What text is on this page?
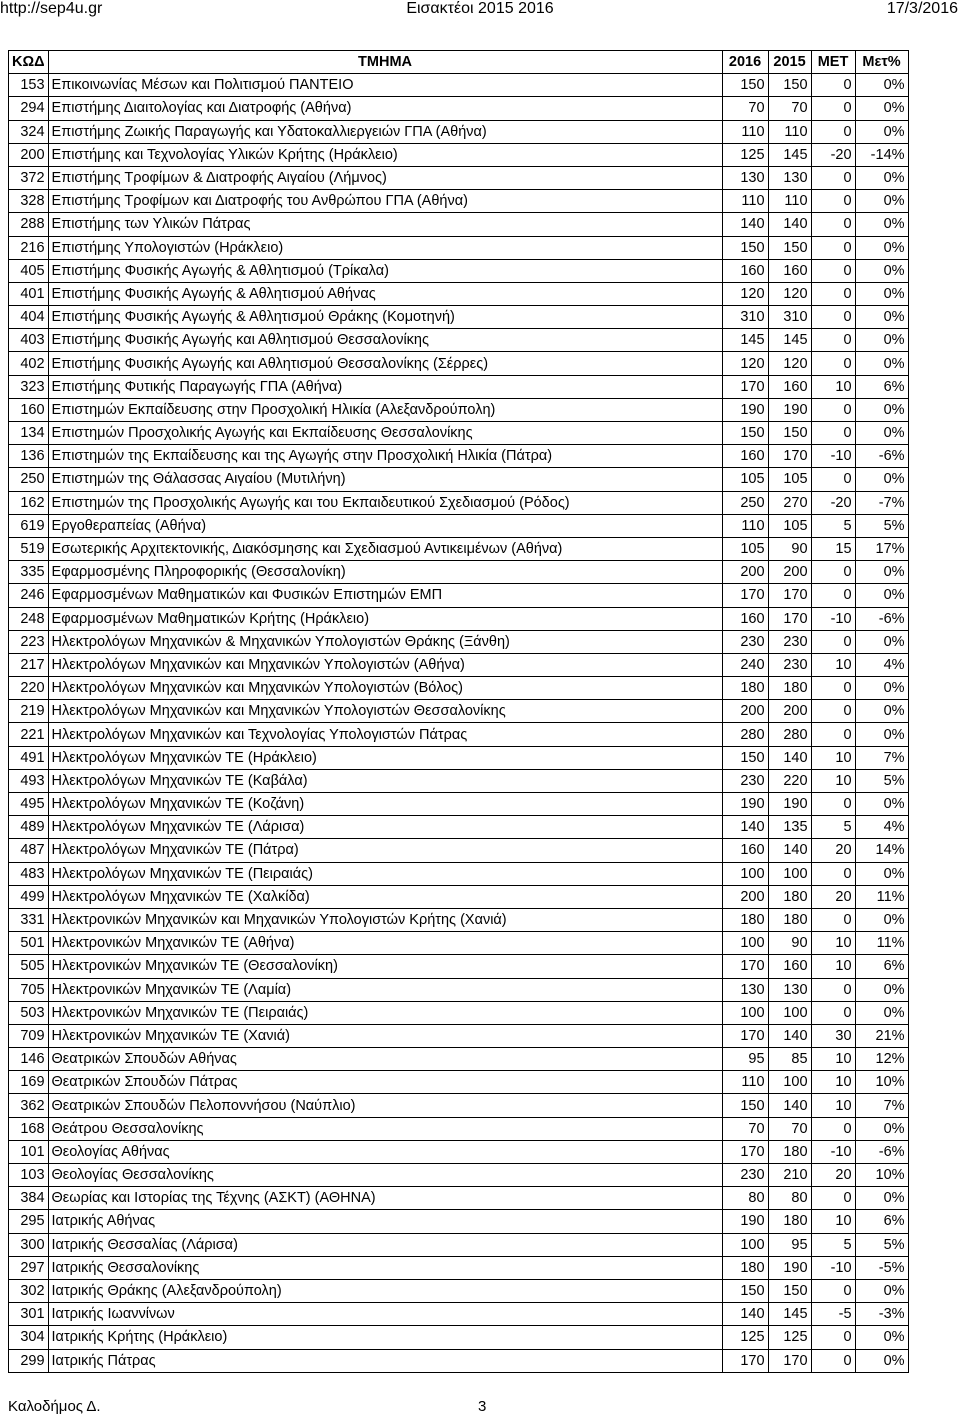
http://sep4u.gr	Εισακτέοι 2015 2016	17/3/2016
ΚΩΔ	ΤΜΗΜΑ	2016	2015	ΜΕΤ	Μετ%
153	Επικοινωνίας Μέσων και Πολιτισμού ΠΑΝΤΕΙΟ	150	150	0	0%
294	Επιστήμης Διαιτολογίας και Διατροφής (Αθήνα)	70	70	0	0%
324	Επιστήμης Ζωικής Παραγωγής και Υδατοκαλλιεργειών ΓΠΑ (Αθήνα)	110	110	0	0%
200	Επιστήμης και Τεχνολογίας Υλικών Κρήτης (Ηράκλειο)	125	145	-20	-14%
372	Επιστήμης Τροφίμων & Διατροφής Αιγαίου (Λήμνος)	130	130	0	0%
328	Επιστήμης Τροφίμων και Διατροφής του Ανθρώπου ΓΠΑ (Αθήνα)	110	110	0	0%
288	Επιστήμης των Υλικών Πάτρας	140	140	0	0%
216	Επιστήμης Υπολογιστών (Ηράκλειο)	150	150	0	0%
405	Επιστήμης Φυσικής Αγωγής & Αθλητισμού (Τρίκαλα)	160	160	0	0%
401	Επιστήμης Φυσικής Αγωγής & Αθλητισμού Αθήνας	120	120	0	0%
404	Επιστήμης Φυσικής Αγωγής & Αθλητισμού Θράκης (Κομοτηνή)	310	310	0	0%
403	Επιστήμης Φυσικής Αγωγής και Αθλητισμού Θεσσαλονίκης	145	145	0	0%
402	Επιστήμης Φυσικής Αγωγής και Αθλητισμού Θεσσαλονίκης (Σέρρες)	120	120	0	0%
323	Επιστήμης Φυτικής Παραγωγής ΓΠΑ (Αθήνα)	170	160	10	6%
160	Επιστημών Εκπαίδευσης στην Προσχολική Ηλικία (Αλεξανδρούπολη)	190	190	0	0%
134	Επιστημών Προσχολικής Αγωγής και Εκπαίδευσης Θεσσαλονίκης	150	150	0	0%
136	Επιστημών της Εκπαίδευσης και της Αγωγής στην Προσχολική Ηλικία (Πάτρα)	160	170	-10	-6%
250	Επιστημών της Θάλασσας Αιγαίου (Μυτιλήνη)	105	105	0	0%
162	Επιστημών της Προσχολικής Αγωγής και του Εκπαιδευτικού Σχεδιασμού (Ρόδος)	250	270	-20	-7%
619	Εργοθεραπείας (Αθήνα)	110	105	5	5%
519	Εσωτερικής Αρχιτεκτονικής, Διακόσμησης και Σχεδιασμού Αντικειμένων (Αθήνα)	105	90	15	17%
335	Εφαρμοσμένης Πληροφορικής (Θεσσαλονίκη)	200	200	0	0%
246	Εφαρμοσμένων Μαθηματικών και Φυσικών Επιστημών ΕΜΠ	170	170	0	0%
248	Εφαρμοσμένων Μαθηματικών Κρήτης (Ηράκλειο)	160	170	-10	-6%
223	Ηλεκτρολόγων Μηχανικών & Μηχανικών Υπολογιστών Θράκης (Ξάνθη)	230	230	0	0%
217	Ηλεκτρολόγων Μηχανικών και Μηχανικών Υπολογιστών (Αθήνα)	240	230	10	4%
220	Ηλεκτρολόγων Μηχανικών και Μηχανικών Υπολογιστών (Βόλος)	180	180	0	0%
219	Ηλεκτρολόγων Μηχανικών και Μηχανικών Υπολογιστών Θεσσαλονίκης	200	200	0	0%
221	Ηλεκτρολόγων Μηχανικών και Τεχνολογίας Υπολογιστών Πάτρας	280	280	0	0%
491	Ηλεκτρολόγων Μηχανικών ΤΕ (Ηράκλειο)	150	140	10	7%
493	Ηλεκτρολόγων Μηχανικών ΤΕ (Καβάλα)	230	220	10	5%
495	Ηλεκτρολόγων Μηχανικών ΤΕ (Κοζάνη)	190	190	0	0%
489	Ηλεκτρολόγων Μηχανικών ΤΕ (Λάρισα)	140	135	5	4%
487	Ηλεκτρολόγων Μηχανικών ΤΕ (Πάτρα)	160	140	20	14%
483	Ηλεκτρολόγων Μηχανικών ΤΕ (Πειραιάς)	100	100	0	0%
499	Ηλεκτρολόγων Μηχανικών ΤΕ (Χαλκίδα)	200	180	20	11%
331	Ηλεκτρονικών Μηχανικών και Μηχανικών Υπολογιστών Κρήτης (Χανιά)	180	180	0	0%
501	Ηλεκτρονικών Μηχανικών ΤΕ (Αθήνα)	100	90	10	11%
505	Ηλεκτρονικών Μηχανικών ΤΕ (Θεσσαλονίκη)	170	160	10	6%
705	Ηλεκτρονικών Μηχανικών ΤΕ (Λαμία)	130	130	0	0%
503	Ηλεκτρονικών Μηχανικών ΤΕ (Πειραιάς)	100	100	0	0%
709	Ηλεκτρονικών Μηχανικών ΤΕ (Χανιά)	170	140	30	21%
146	Θεατρικών Σπουδών Αθήνας	95	85	10	12%
169	Θεατρικών Σπουδών Πάτρας	110	100	10	10%
362	Θεατρικών Σπουδών Πελοποννήσου (Ναύπλιο)	150	140	10	7%
168	Θεάτρου Θεσσαλονίκης	70	70	0	0%
101	Θεολογίας Αθήνας	170	180	-10	-6%
103	Θεολογίας Θεσσαλονίκης	230	210	20	10%
384	Θεωρίας και Ιστορίας της Τέχνης (ΑΣΚΤ) (ΑΘΗΝΑ)	80	80	0	0%
295	Ιατρικής Αθήνας	190	180	10	6%
300	Ιατρικής Θεσσαλίας (Λάρισα)	100	95	5	5%
297	Ιατρικής Θεσσαλονίκης	180	190	-10	-5%
302	Ιατρικής Θράκης (Αλεξανδρούπολη)	150	150	0	0%
301	Ιατρικής Ιωαννίνων	140	145	-5	-3%
304	Ιατρικής Κρήτης (Ηράκλειο)	125	125	0	0%
299	Ιατρικής Πάτρας	170	170	0	0%
Καλοδήμος Δ.	3
